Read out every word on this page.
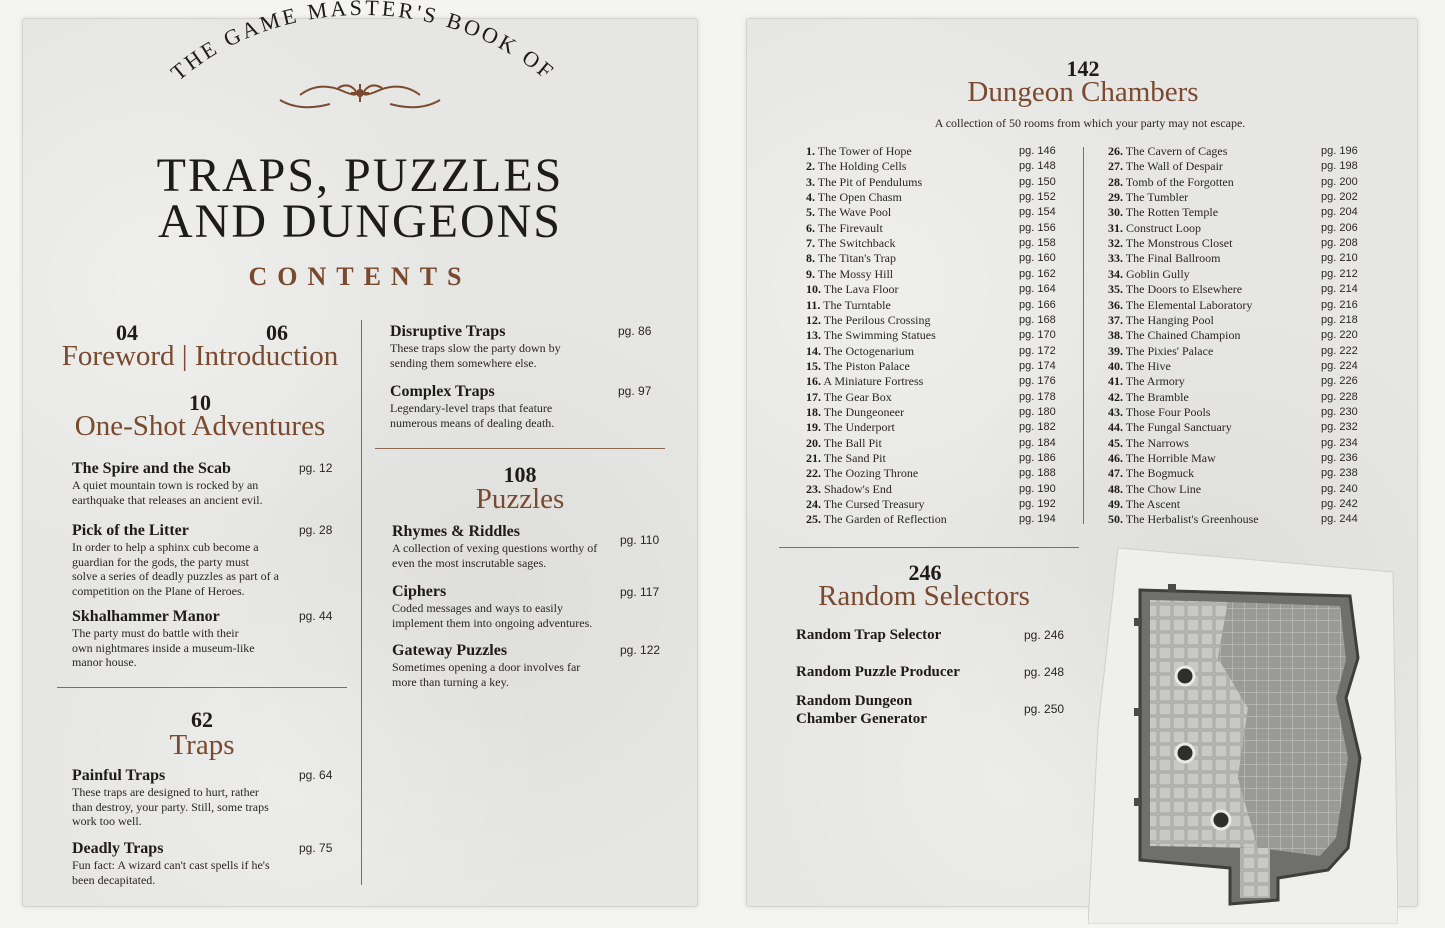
THE GAME MASTER'S BOOK OF
TRAPS, PUZZLES
AND DUNGEONS
CONTENTS
04	06
Foreword | Introduction
10
One-Shot Adventures
The Spire and the Scab
A quiet mountain town is rocked by an
earthquake that releases an ancient evil.
pg. 12
Pick of the Litter
In order to help a sphinx cub become a
guardian for the gods, the party must
solve a series of deadly puzzles as part of a
competition on the Plane of Heroes.
pg. 28
Skhalhammer Manor
The party must do battle with their
own nightmares inside a museum-like
manor house.
pg. 44
62
Traps
Painful Traps
These traps are designed to hurt, rather
than destroy, your party. Still, some traps
work too well.
pg. 64
Deadly Traps
Fun fact: A wizard can't cast spells if he's
been decapitated.
pg. 75
Disruptive Traps
These traps slow the party down by
sending them somewhere else.
pg. 86
Complex Traps
Legendary-level traps that feature
numerous means of dealing death.
pg. 97
108
Puzzles
Rhymes & Riddles
A collection of vexing questions worthy of
even the most inscrutable sages.
pg. 110
Ciphers
Coded messages and ways to easily
implement them into ongoing adventures.
pg. 117
Gateway Puzzles
Sometimes opening a door involves far
more than turning a key.
pg. 122
142
Dungeon Chambers
A collection of 50 rooms from which your party may not escape.
1. The Tower of Hope	pg. 146
2. The Holding Cells	pg. 148
3. The Pit of Pendulums	pg. 150
4. The Open Chasm	pg. 152
5. The Wave Pool	pg. 154
6. The Firevault	pg. 156
7. The Switchback	pg. 158
8. The Titan's Trap	pg. 160
9. The Mossy Hill	pg. 162
10. The Lava Floor	pg. 164
11. The Turntable	pg. 166
12. The Perilous Crossing	pg. 168
13. The Swimming Statues	pg. 170
14. The Octogenarium	pg. 172
15. The Piston Palace	pg. 174
16. A Miniature Fortress	pg. 176
17. The Gear Box	pg. 178
18. The Dungeoneer	pg. 180
19. The Underport	pg. 182
20. The Ball Pit	pg. 184
21. The Sand Pit	pg. 186
22. The Oozing Throne	pg. 188
23. Shadow's End	pg. 190
24. The Cursed Treasury	pg. 192
25. The Garden of Reflection	pg. 194
26. The Cavern of Cages	pg. 196
27. The Wall of Despair	pg. 198
28. Tomb of the Forgotten	pg. 200
29. The Tumbler	pg. 202
30. The Rotten Temple	pg. 204
31. Construct Loop	pg. 206
32. The Monstrous Closet	pg. 208
33. The Final Ballroom	pg. 210
34. Goblin Gully	pg. 212
35. The Doors to Elsewhere	pg. 214
36. The Elemental Laboratory	pg. 216
37. The Hanging Pool	pg. 218
38. The Chained Champion	pg. 220
39. The Pixies' Palace	pg. 222
40. The Hive	pg. 224
41. The Armory	pg. 226
42. The Bramble	pg. 228
43. Those Four Pools	pg. 230
44. The Fungal Sanctuary	pg. 232
45. The Narrows	pg. 234
46. The Horrible Maw	pg. 236
47. The Bogmuck	pg. 238
48. The Chow Line	pg. 240
49. The Ascent	pg. 242
50. The Herbalist's Greenhouse	pg. 244
246
Random Selectors
Random Trap Selector	pg. 246
Random Puzzle Producer	pg. 248
Random Dungeon
Chamber Generator
pg. 250
